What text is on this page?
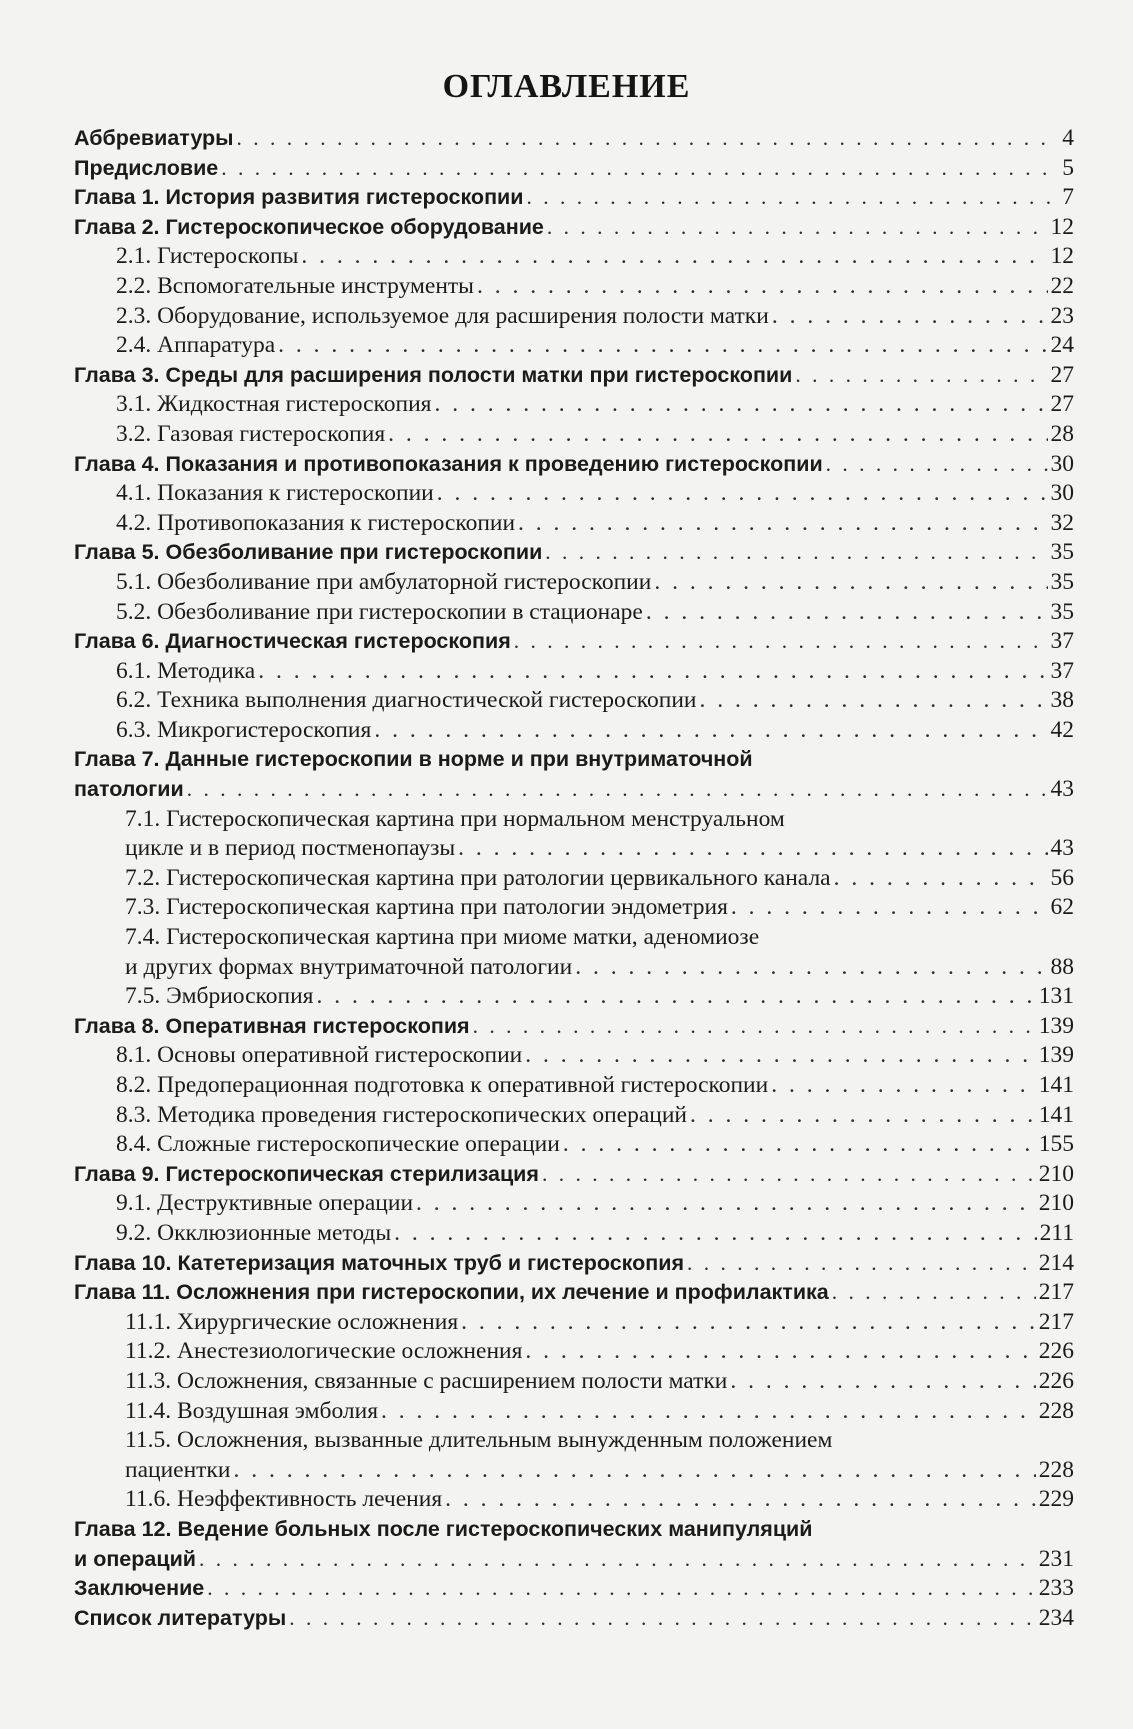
ОГЛАВЛЕНИЕ
Аббревиатуры . . .	4
Предисловие . . .	5
Глава 1. История развития гистероскопии . . .	7
Глава 2. Гистероскопическое оборудование . . .	12
2.1. Гистероскопы . . .	12
2.2. Вспомогательные инструменты . . .	22
2.3. Оборудование, используемое для расширения полости матки . . .	23
2.4. Аппаратура . . .	24
Глава 3. Среды для расширения полости матки при гистероскопии . . .	27
3.1. Жидкостная гистероскопия . . .	27
3.2. Газовая гистероскопия . . .	28
Глава 4. Показания и противопоказания к проведению гистероскопии . . .	30
4.1. Показания к гистероскопии . . .	30
4.2. Противопоказания к гистероскопии . . .	32
Глава 5. Обезболивание при гистероскопии . . .	35
5.1. Обезболивание при амбулаторной гистероскопии . . .	35
5.2. Обезболивание при гистероскопии в стационаре . . .	35
Глава 6. Диагностическая гистероскопия . . .	37
6.1. Методика . . .	37
6.2. Техника выполнения диагностической гистероскопии . . .	38
6.3. Микрогистероскопия . . .	42
Глава 7. Данные гистероскопии в норме и при внутриматочной
патологии . . .	43
7.1. Гистероскопическая картина при нормальном менструальном
цикле и в период постменопаузы . . .	43
7.2. Гистероскопическая картина при ратологии цервикального канала . . .	56
7.3. Гистероскопическая картина при патологии эндометрия . . .	62
7.4. Гистероскопическая картина при миоме матки, аденомиозе
и других формах внутриматочной патологии . . .	88
7.5. Эмбриоскопия . . .	131
Глава 8. Оперативная гистероскопия . . .	139
8.1. Основы оперативной гистероскопии . . .	139
8.2. Предоперационная подготовка к оперативной гистероскопии . . .	141
8.3. Методика проведения гистероскопических операций . . .	141
8.4. Сложные гистероскопические операции . . .	155
Глава 9. Гистероскопическая стерилизация . . .	210
9.1. Деструктивные операции . . .	210
9.2. Окклюзионные методы . . .	211
Глава 10. Катетеризация маточных труб и гистероскопия . . .	214
Глава 11. Осложнения при гистероскопии, их лечение и профилактика . . .	217
11.1. Хирургические осложнения . . .	217
11.2. Анестезиологические осложнения . . .	226
11.3. Осложнения, связанные с расширением полости матки . . .	226
11.4. Воздушная эмболия . . .	228
11.5. Осложнения, вызванные длительным вынужденным положением
пациентки . . .	228
11.6. Неэффективность лечения . . .	229
Глава 12. Ведение больных после гистероскопических манипуляций
и операций . . .	231
Заключение . . .	233
Список литературы . . .	234
